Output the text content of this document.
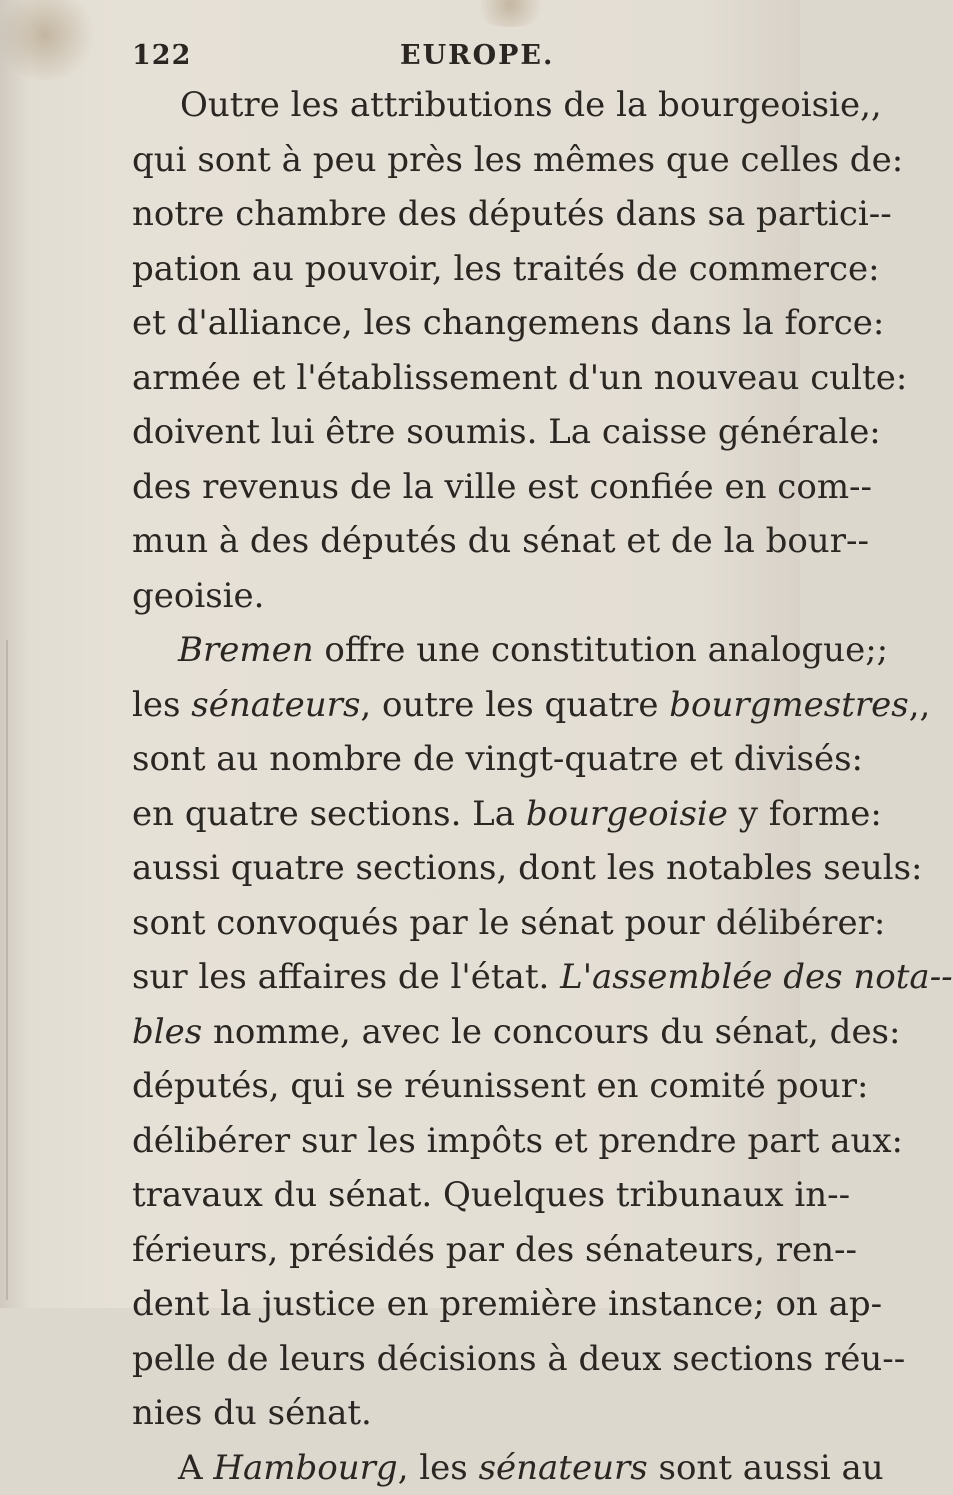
122	EUROPE.
Outre les attributions de la bourgeoisie,,
qui sont à peu près les mêmes que celles de:
notre chambre des députés dans sa partici--
pation au pouvoir, les traités de commerce:
et d'alliance, les changemens dans la force:
armée et l'établissement d'un nouveau culte:
doivent lui être soumis. La caisse générale:
des revenus de la ville est confiée en com--
mun à des députés du sénat et de la bour--
geoisie.
Bremen offre une constitution analogue;;
les sénateurs, outre les quatre bourgmestres,,
sont au nombre de vingt-quatre et divisés:
en quatre sections. La bourgeoisie y forme:
aussi quatre sections, dont les notables seuls:
sont convoqués par le sénat pour délibérer:
sur les affaires de l'état. L'assemblée des nota--
bles nomme, avec le concours du sénat, des:
députés, qui se réunissent en comité pour:
délibérer sur les impôts et prendre part aux:
travaux du sénat. Quelques tribunaux in--
férieurs, présidés par des sénateurs, ren--
dent la justice en première instance; on ap-
pelle de leurs décisions à deux sections réu--
nies du sénat.
A Hambourg, les sénateurs sont aussi au
